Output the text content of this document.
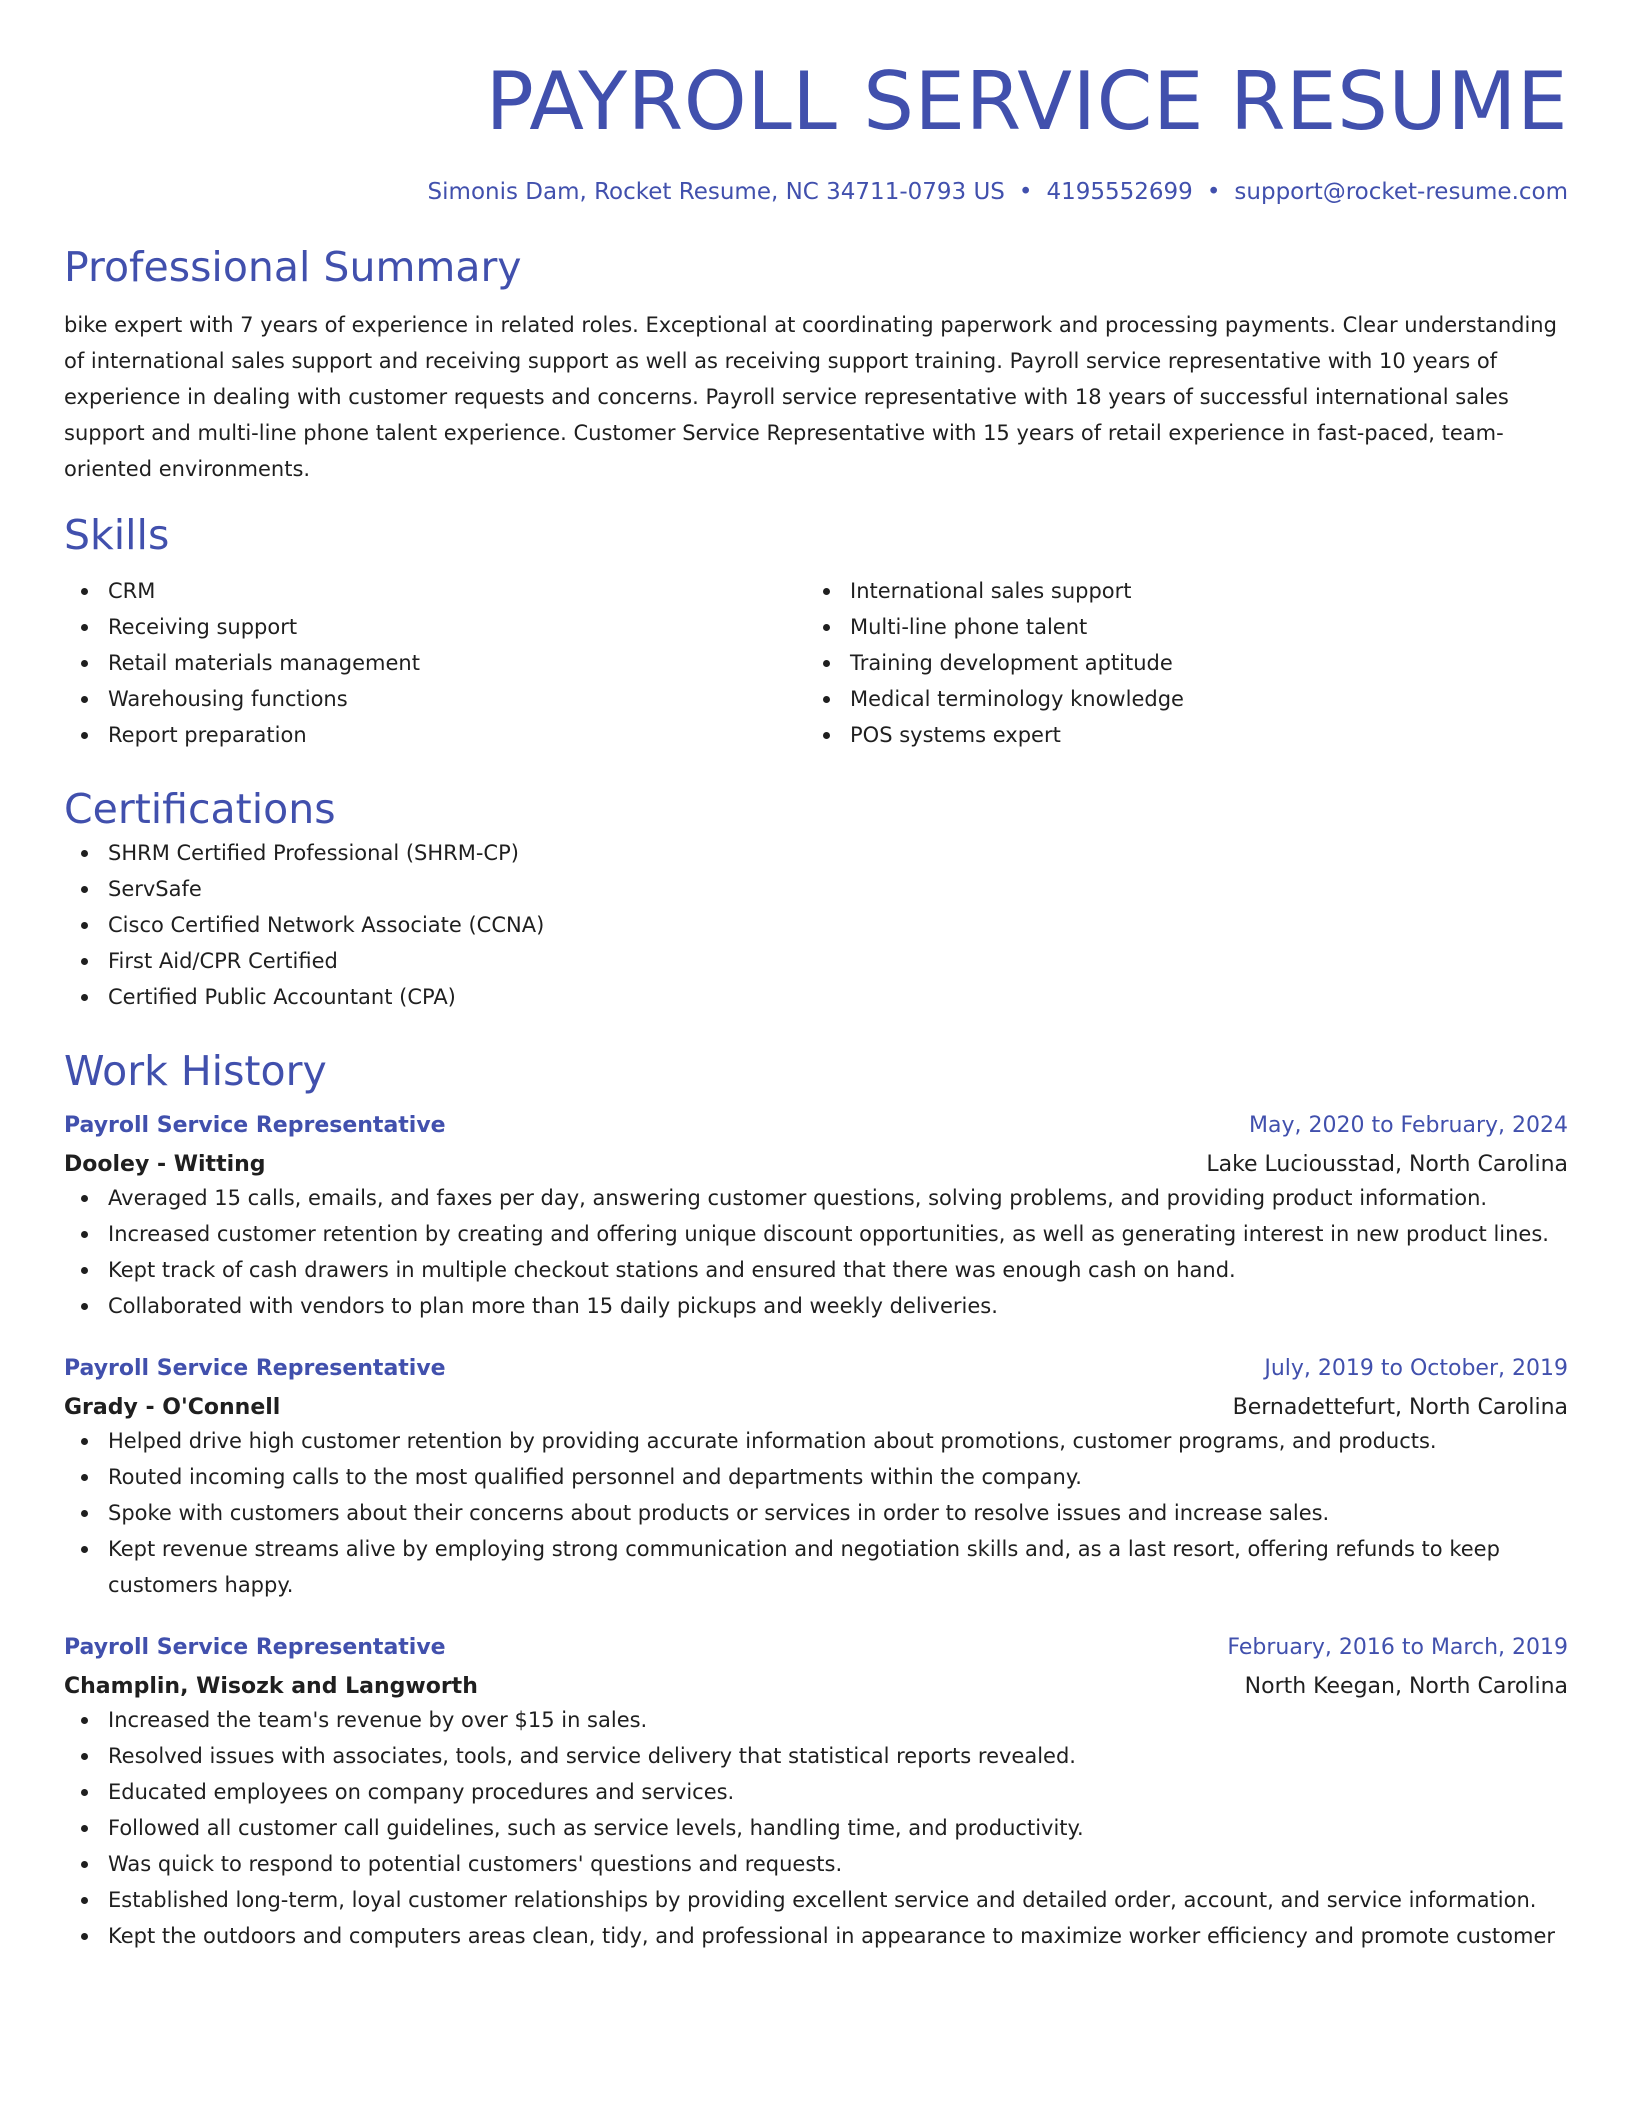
PAYROLL SERVICE RESUME
Simonis Dam, Rocket Resume, NC 34711-0793 US • 4195552699 • support@rocket-resume.com
Professional Summary
bike expert with 7 years of experience in related roles. Exceptional at coordinating paperwork and processing payments. Clear understanding of international sales support and receiving support as well as receiving support training. Payroll service representative with 10 years of experience in dealing with customer requests and concerns. Payroll service representative with 18 years of successful international sales support and multi-line phone talent experience. Customer Service Representative with 15 years of retail experience in fast-paced, team-oriented environments.
Skills
CRM
Receiving support
Retail materials management
Warehousing functions
Report preparation
International sales support
Multi-line phone talent
Training development aptitude
Medical terminology knowledge
POS systems expert
Certifications
SHRM Certified Professional (SHRM-CP)
ServSafe
Cisco Certified Network Associate (CCNA)
First Aid/CPR Certified
Certified Public Accountant (CPA)
Work History
Payroll Service Representative	May, 2020 to February, 2024
Dooley - Witting	Lake Luciousstad, North Carolina
Averaged 15 calls, emails, and faxes per day, answering customer questions, solving problems, and providing product information.
Increased customer retention by creating and offering unique discount opportunities, as well as generating interest in new product lines.
Kept track of cash drawers in multiple checkout stations and ensured that there was enough cash on hand.
Collaborated with vendors to plan more than 15 daily pickups and weekly deliveries.
Payroll Service Representative	July, 2019 to October, 2019
Grady - O'Connell	Bernadettefurt, North Carolina
Helped drive high customer retention by providing accurate information about promotions, customer programs, and products.
Routed incoming calls to the most qualified personnel and departments within the company.
Spoke with customers about their concerns about products or services in order to resolve issues and increase sales.
Kept revenue streams alive by employing strong communication and negotiation skills and, as a last resort, offering refunds to keep customers happy.
Payroll Service Representative	February, 2016 to March, 2019
Champlin, Wisozk and Langworth	North Keegan, North Carolina
Increased the team's revenue by over $15 in sales.
Resolved issues with associates, tools, and service delivery that statistical reports revealed.
Educated employees on company procedures and services.
Followed all customer call guidelines, such as service levels, handling time, and productivity.
Was quick to respond to potential customers' questions and requests.
Established long-term, loyal customer relationships by providing excellent service and detailed order, account, and service information.
Kept the outdoors and computers areas clean, tidy, and professional in appearance to maximize worker efficiency and promote customer
